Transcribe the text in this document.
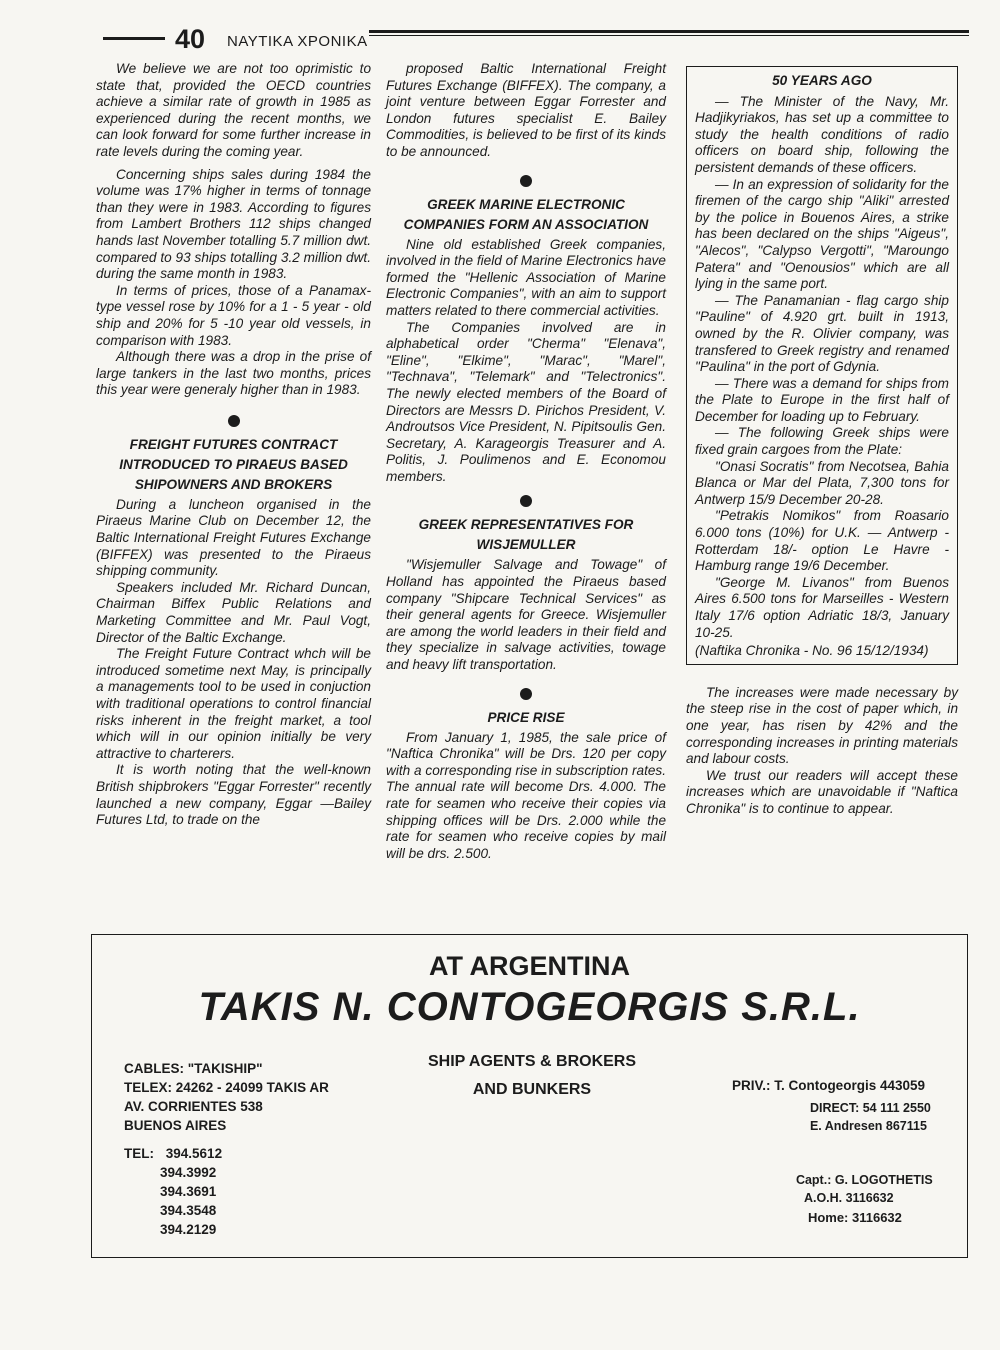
40 ΝΑΥΤΙΚΑ ΧΡΟΝΙΚΑ

We believe we are not too oprimistic to state that, provided the OECD countries achieve a similar rate of growth in 1985 as experienced during the recent months, we can look forward for some further increase in rate levels during the coming year.

Concerning ships sales during 1984 the volume was 17% higher in terms of tonnage than they were in 1983. According to figures from Lambert Brothers 112 ships changed hands last November totalling 5.7 million dwt. compared to 93 ships totalling 3.2 million dwt. during the same month in 1983.

In terms of prices, those of a Panamax-type vessel rose by 10% for a 1 - 5 year - old ship and 20% for 5 -10 year old vessels, in comparison with 1983.

Although there was a drop in the prise of large tankers in the last two months, prices this year were generaly higher than in 1983.

FREIGHT FUTURES CONTRACT INTRODUCED TO PIRAEUS BASED SHIPOWNERS AND BROKERS

During a luncheon organised in the Piraeus Marine Club on December 12, the Baltic International Freight Futures Exchange (BIFFEX) was presented to the Piraeus shipping community.

Speakers included Mr. Richard Duncan, Chairman Biffex Public Relations and Marketing Committee and Mr. Paul Vogt, Director of the Baltic Exchange.

The Freight Future Contract whch will be introduced sometime next May, is principally a managements tool to be used in conjuction with traditional operations to control financial risks inherent in the freight market, a tool which will in our opinion initially be very attractive to charterers.

It is worth noting that the well-known British shipbrokers "Eggar Forrester" recently launched a new company, Eggar —Bailey Futures Ltd, to trade on the

proposed Baltic International Freight Futures Exchange (BIFFEX). The company, a joint venture between Eggar Forrester and London futures specialist E. Bailey Commodities, is believed to be first of its kinds to be announced.

GREEK MARINE ELECTRONIC COMPANIES FORM AN ASSOCIATION

Nine old established Greek companies, involved in the field of Marine Electronics have formed the "Hellenic Association of Marine Electronic Companies", with an aim to support matters related to there commercial activities.

The Companies involved are in alphabetical order "Cherma" "Elenava", "Eline", "Elkime", "Marac", "Marel", "Technava", "Telemark" and "Telectronics". The newly elected members of the Board of Directors are Messrs D. Pirichos President, V. Androutsos Vice President, N. Pipitsoulis Gen. Secretary, A. Karageorgis Treasurer and A. Politis, J. Poulimenos and E. Economou members.

GREEK REPRESENTATIVES FOR WISJEMULLER

"Wisjemuller Salvage and Towage" of Holland has appointed the Piraeus based company "Shipcare Technical Services" as their general agents for Greece. Wisjemuller are among the world leaders in their field and they specialize in salvage activities, towage and heavy lift transportation.

PRICE RISE

From January 1, 1985, the sale price of "Naftica Chronika" will be Drs. 120 per copy with a corresponding rise in subscription rates. The annual rate will become Drs. 4.000. The rate for seamen who receive their copies via shipping offices will be Drs. 2.000 while the rate for seamen who receive copies by mail will be drs. 2.500.

50 YEARS AGO

— The Minister of the Navy, Mr. Hadjikyriakos, has set up a committee to study the health conditions of radio officers on board ship, following the persistent demands of these officers.

— In an expression of solidarity for the firemen of the cargo ship "Aliki" arrested by the police in Bouenos Aires, a strike has been declared on the ships "Aigeus", "Alecos", "Calypso Vergotti", "Maroungo Patera" and "Oenousios" which are all lying in the same port.

— The Panamanian - flag cargo ship "Pauline" of 4.920 grt. built in 1913, owned by the R. Olivier company, was transfered to Greek registry and renamed "Paulina" in the port of Gdynia.

— There was a demand for ships from the Plate to Europe in the first half of December for loading up to February.

— The following Greek ships were fixed grain cargoes from the Plate:

"Onasi Socratis" from Necotsea, Bahia Blanca or Mar del Plata, 7,300 tons for Antwerp 15/9 December 20-28.

"Petrakis Nomikos" from Roasario 6.000 tons (10%) for U.K. — Antwerp - Rotterdam 18/- option Le Havre - Hamburg range 19/6 December.

"George M. Livanos" from Buenos Aires 6.500 tons for Marseilles - Western Italy 17/6 option Adriatic 18/3, January 10-25.

(Naftika Chronika - No. 96 15/12/1934)

The increases were made necessary by the steep rise in the cost of paper which, in one year, has risen by 42% and the corresponding increases in printing materials and labour costs.

We trust our readers will accept these increases which are unavoidable if "Naftica Chronika" is to continue to appear.

AT ARGENTINA
TAKIS N. CONTOGEORGIS S.R.L.
SHIP AGENTS & BROKERS
AND BUNKERS
CABLES: "TAKISHIP"
TELEX: 24262 - 24099 TAKIS AR
AV. CORRIENTES 538
BUENOS AIRES
TEL: 394.5612
394.3992
394.3691
394.3548
394.2129
PRIV.: T. Contogeorgis 443059
DIRECT: 54 111 2550
E. Andresen 867115
Capt.: G. LOGOTHETIS
A.O.H. 3116632
Home: 3116632
